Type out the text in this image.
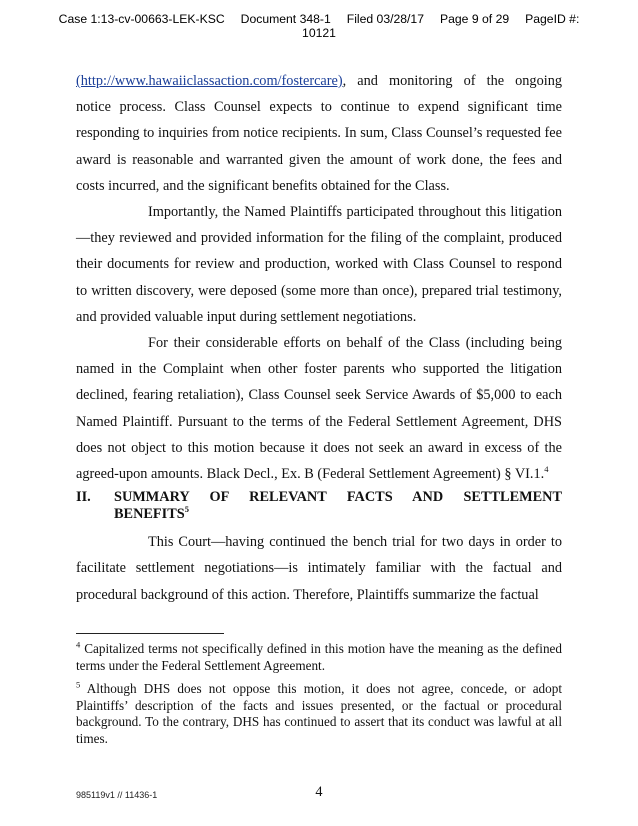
Case 1:13-cv-00663-LEK-KSC Document 348-1 Filed 03/28/17 Page 9 of 29 PageID #:
10121

(http://www.hawaiiclassaction.com/fostercare), and monitoring of the ongoing notice process. Class Counsel expects to continue to expend significant time responding to inquiries from notice recipients. In sum, Class Counsel’s requested fee award is reasonable and warranted given the amount of work done, the fees and costs incurred, and the significant benefits obtained for the Class.

Importantly, the Named Plaintiffs participated throughout this litigation—they reviewed and provided information for the filing of the complaint, produced their documents for review and production, worked with Class Counsel to respond to written discovery, were deposed (some more than once), prepared trial testimony, and provided valuable input during settlement negotiations.

For their considerable efforts on behalf of the Class (including being named in the Complaint when other foster parents who supported the litigation declined, fearing retaliation), Class Counsel seek Service Awards of $5,000 to each Named Plaintiff. Pursuant to the terms of the Federal Settlement Agreement, DHS does not object to this motion because it does not seek an award in excess of the agreed-upon amounts. Black Decl., Ex. B (Federal Settlement Agreement) § VI.1.$^4$

II.	SUMMARY OF RELEVANT FACTS AND SETTLEMENT
BENEFITS$^5$

This Court—having continued the bench trial for two days in order to facilitate settlement negotiations—is intimately familiar with the factual and procedural background of this action. Therefore, Plaintiffs summarize the factual

$^4$ Capitalized terms not specifically defined in this motion have the meaning as the defined terms under the Federal Settlement Agreement.

$^5$ Although DHS does not oppose this motion, it does not agree, concede, or adopt Plaintiffs’ description of the facts and issues presented, or the factual or procedural background. To the contrary, DHS has continued to assert that its conduct was lawful at all times.

985119v1 // 11436-1	4
